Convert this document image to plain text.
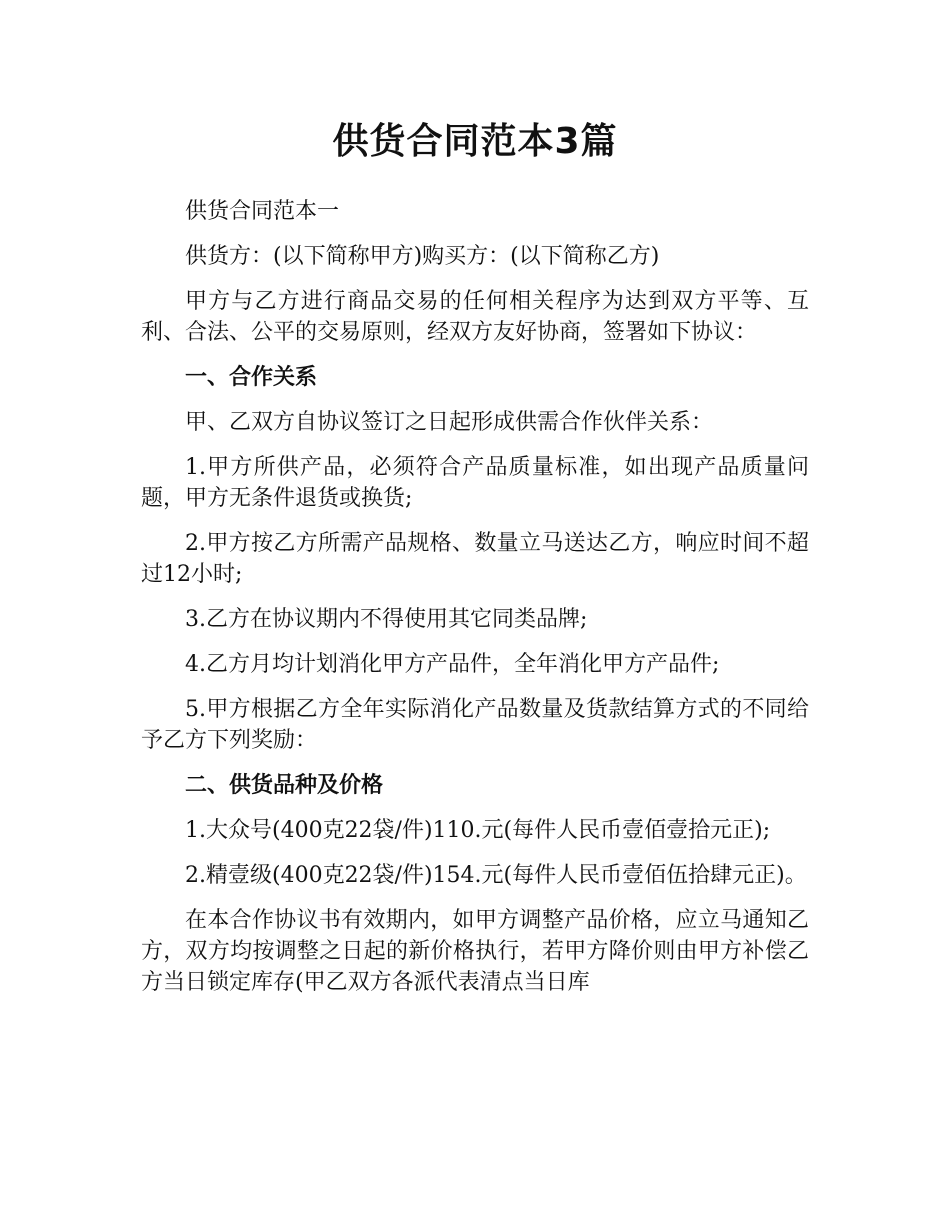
供货合同范本3篇

供货合同范本一

供货方：(以下简称甲方)购买方：(以下简称乙方)

甲方与乙方进行商品交易的任何相关程序为达到双方平等、互利、合法、公平的交易原则，经双方友好协商，签署如下协议：

一、合作关系

甲、乙双方自协议签订之日起形成供需合作伙伴关系：

1.甲方所供产品，必须符合产品质量标准，如出现产品质量问题，甲方无条件退货或换货;

2.甲方按乙方所需产品规格、数量立马送达乙方，响应时间不超过12小时;

3.乙方在协议期内不得使用其它同类品牌;

4.乙方月均计划消化甲方产品件，全年消化甲方产品件;

5.甲方根据乙方全年实际消化产品数量及货款结算方式的不同给予乙方下列奖励：

二、供货品种及价格

1.大众号(400克22袋/件)110.元(每件人民币壹佰壹拾元正);

2.精壹级(400克22袋/件)154.元(每件人民币壹佰伍拾肆元正)。

在本合作协议书有效期内，如甲方调整产品价格，应立马通知乙方，双方均按调整之日起的新价格执行，若甲方降价则由甲方补偿乙方当日锁定库存(甲乙双方各派代表清点当日库
